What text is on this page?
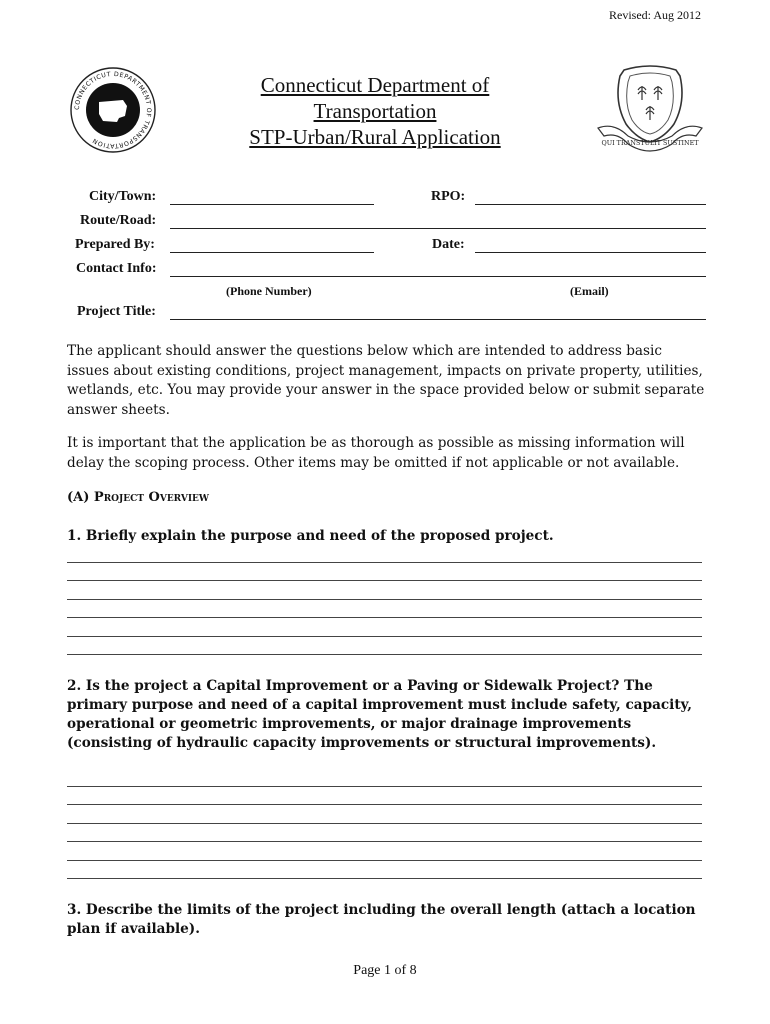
Revised: Aug 2012
CONNECTICUT DEPARTMENT OF TRANSPORTATION
Connecticut Department of
Transportation
STP-Urban/Rural Application	QUI TRANSTULIT SUSTINET
City/Town:	RPO:
Route/Road:
Prepared By:	Date:
Contact Info:
(Phone Number)	(Email)
Project Title:

The applicant should answer the questions below which are intended to address basic issues about existing conditions, project management, impacts on private property, utilities, wetlands, etc. You may provide your answer in the space provided below or submit separate answer sheets.

It is important that the application be as thorough as possible as missing information will delay the scoping process. Other items may be omitted if not applicable or not available.

(A) Project Overview

1. Briefly explain the purpose and need of the proposed project.

2. Is the project a Capital Improvement or a Paving or Sidewalk Project? The primary purpose and need of a capital improvement must include safety, capacity, operational or geometric improvements, or major drainage improvements (consisting of hydraulic capacity improvements or structural improvements).

3. Describe the limits of the project including the overall length (attach a location plan if available).

Page 1 of 8
